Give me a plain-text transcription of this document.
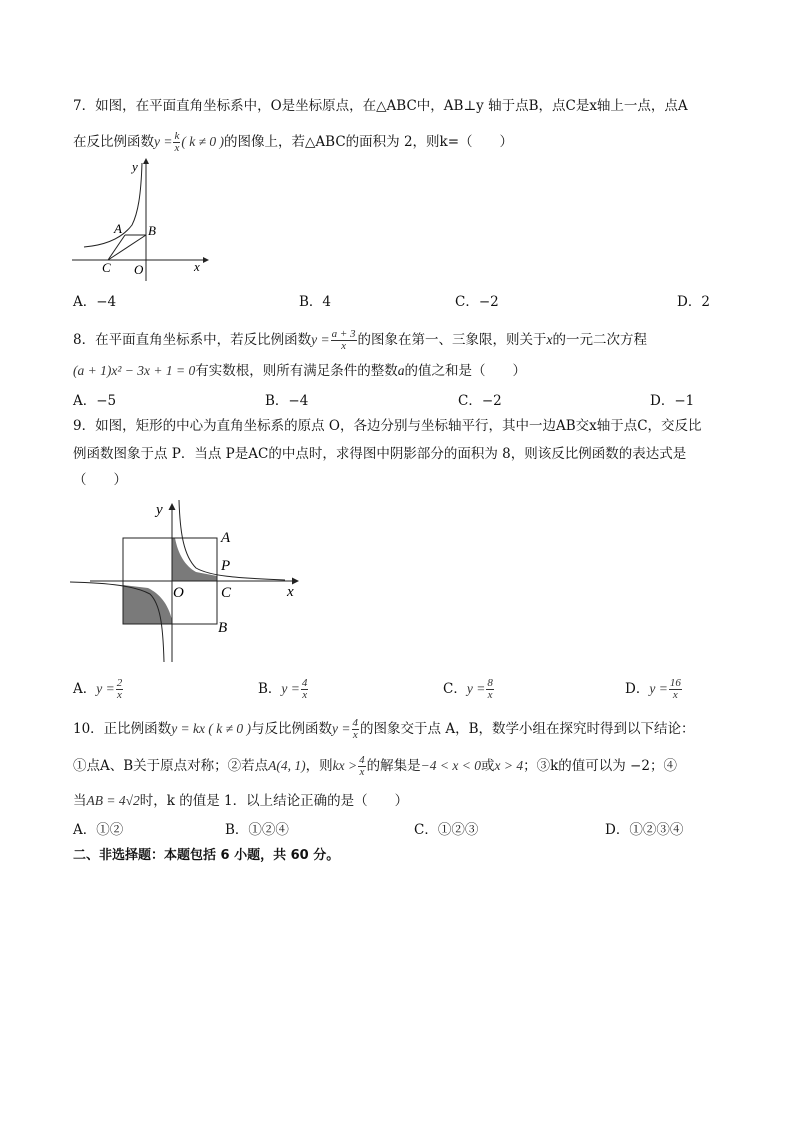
7．如图，在平面直角坐标系中，O是坐标原点，在△ABC中，AB⊥y 轴于点B，点C是x轴上一点，点A
在反比例函数$y = \frac{k}{x}$ ( k ≠ 0 )的图像上，若△ABC的面积为 2，则k=（　　）
y
x
A B
C O
A．−4	B．4	C．−2	D．2
8．在平面直角坐标系中，若反比例函数$y = \frac{a + 3}{x}$ 的图象在第一、三象限，则关于x的一元二次方程
(a + 1)x² − 3x + 1 = 0有实数根，则所有满足条件的整数a的值之和是（　　）
A．−5	B．−4	C．−2	D．−1
9．如图，矩形的中心为直角坐标系的原点 O，各边分别与坐标轴平行，其中一边AB交x轴于点C，交反比
例函数图象于点 P．当点 P是AC的中点时，求得图中阴影部分的面积为 8，则该反比例函数的表达式是
（　　）
y
x
A
P
O C
B
A．$y = \frac{2}{x}$	B．$y = \frac{4}{x}$	C．$y = \frac{8}{x}$	D．$y = \frac{16}{x}$
10．正比例函数y = kx ( k ≠ 0 )与反比例函数$y = \frac{4}{x}$ 的图象交于点 A，B，数学小组在探究时得到以下结论：
①点A、B关于原点对称；②若点A(4, 1)，则kx > $\frac{4}{x}$ 的解集是−4 < x < 0或x > 4；③k的值可以为 −2；④
当AB = 4√2时，k 的值是 1．以上结论正确的是（　　）
A．①②	B．①②④	C．①②③	D．①②③④
二、非选择题：本题包括 6 小题，共 60 分。
